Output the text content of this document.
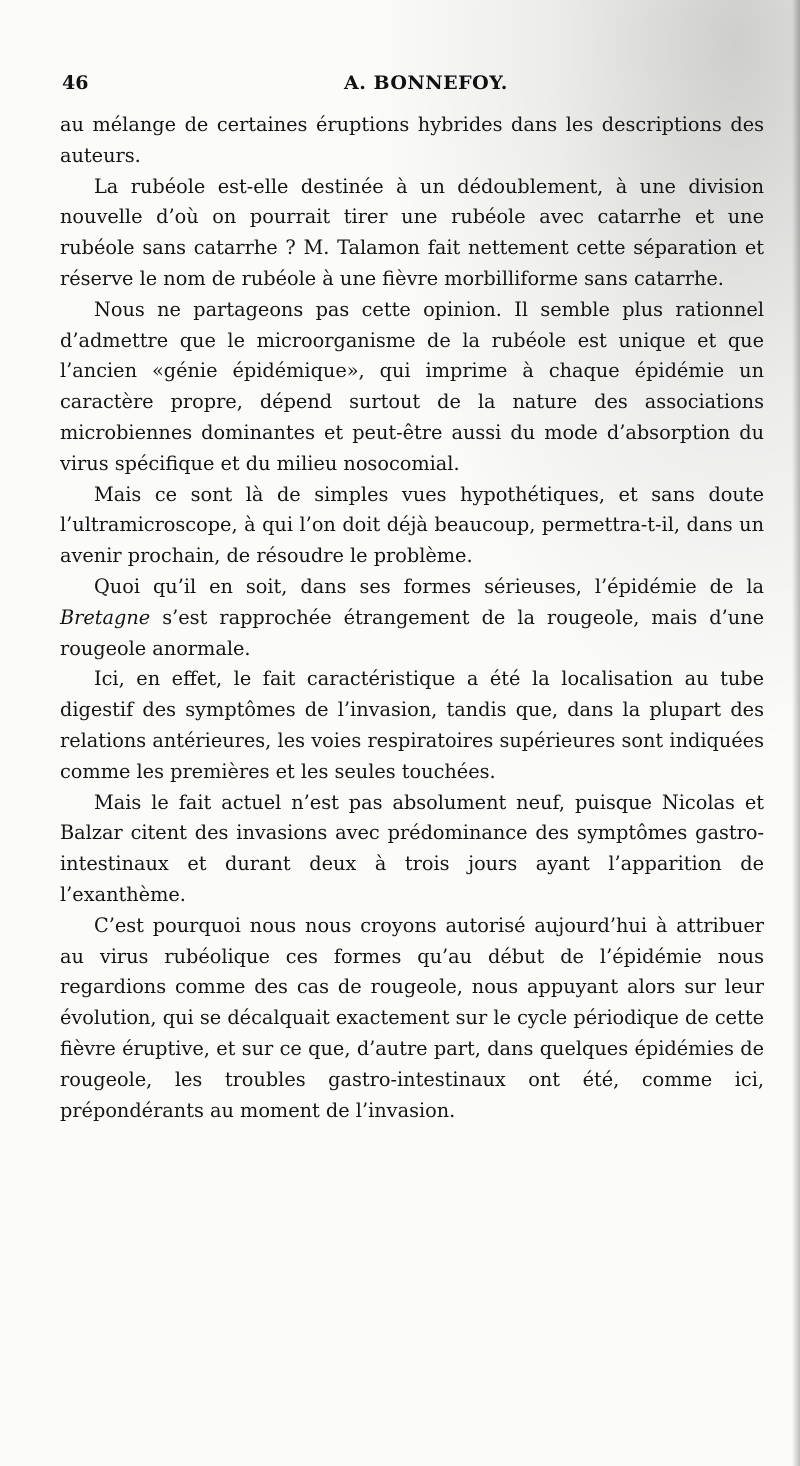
46	A. BONNEFOY.

au mélange de certaines éruptions hybrides dans les descriptions des auteurs.

La rubéole est-elle destinée à un dédoublement, à une division nouvelle d’où on pourrait tirer une rubéole avec catarrhe et une rubéole sans catarrhe ? M. Talamon fait nettement cette séparation et réserve le nom de rubéole à une fièvre morbilliforme sans catarrhe.

Nous ne partageons pas cette opinion. Il semble plus rationnel d’admettre que le microorganisme de la rubéole est unique et que l’ancien «génie épidémique», qui imprime à chaque épidémie un caractère propre, dépend surtout de la nature des associations microbiennes dominantes et peut-être aussi du mode d’absorption du virus spécifique et du milieu nosocomial.

Mais ce sont là de simples vues hypothétiques, et sans doute l’ultramicroscope, à qui l’on doit déjà beaucoup, permettra-t-il, dans un avenir prochain, de résoudre le problème.

Quoi qu’il en soit, dans ses formes sérieuses, l’épidémie de la Bretagne s’est rapprochée étrangement de la rougeole, mais d’une rougeole anormale.

Ici, en effet, le fait caractéristique a été la localisation au tube digestif des symptômes de l’invasion, tandis que, dans la plupart des relations antérieures, les voies respiratoires supérieures sont indiquées comme les premières et les seules touchées.

Mais le fait actuel n’est pas absolument neuf, puisque Nicolas et Balzar citent des invasions avec prédominance des symptômes gastro-intestinaux et durant deux à trois jours ayant l’apparition de l’exanthème.

C’est pourquoi nous nous croyons autorisé aujourd’hui à attribuer au virus rubéolique ces formes qu’au début de l’épidémie nous regardions comme des cas de rougeole, nous appuyant alors sur leur évolution, qui se décalquait exactement sur le cycle périodique de cette fièvre éruptive, et sur ce que, d’autre part, dans quelques épidémies de rougeole, les troubles gastro-intestinaux ont été, comme ici, prépondérants au moment de l’invasion.
